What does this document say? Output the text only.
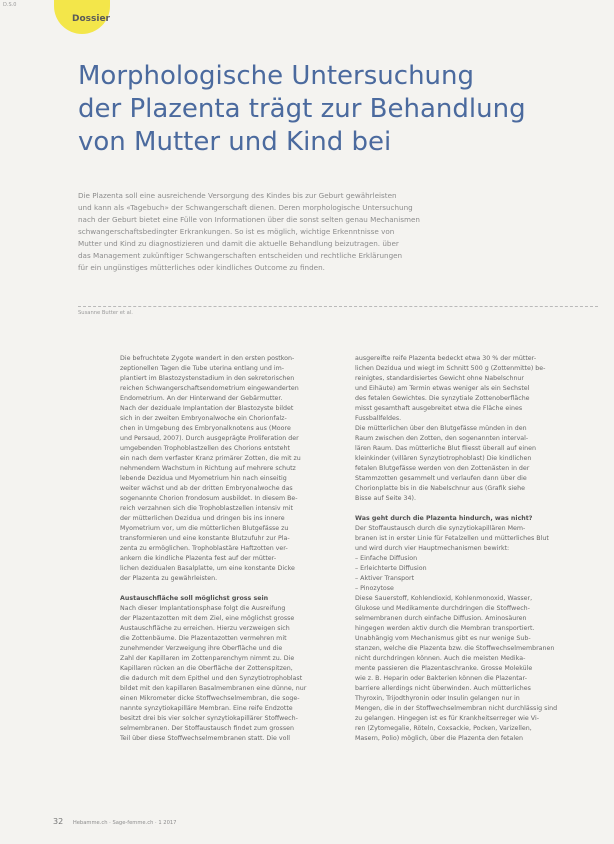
D.S.0
Dossier
Morphologische Untersuchung
der Plazenta trägt zur Behandlung
von Mutter und Kind bei
Die Plazenta soll eine ausreichende Versorgung des Kindes bis zur Geburt gewährleisten
und kann als «Tagebuch» der Schwangerschaft dienen. Deren morphologische Untersuchung
nach der Geburt bietet eine Fülle von Informationen über die sonst selten genau Mechanismen
schwangerschaftsbedingter Erkrankungen. So ist es möglich, wichtige Erkenntnisse von
Mutter und Kind zu diagnostizieren und damit die aktuelle Behandlung beizutragen. über
das Management zukünftiger Schwangerschaften entscheiden und rechtliche Erklärungen
für ein ungünstiges mütterliches oder kindliches Outcome zu finden.
Susanne Butter et al.
Die befruchtete Zygote wandert in den ersten postkon-
zeptionellen Tagen die Tube uterina entlang und im-
plantiert im Blastozystenstadium in den sekretorischen
reichen Schwangerschaftsendometrium eingewanderten
Endometrium. An der Hinterwand der Gebärmutter.
Nach der deziduale Implantation der Blastozyste bildet
sich in der zweiten Embryonalwoche ein Chorionfalz-
chen in Umgebung des Embryonalknotens aus (Moore
und Persaud, 2007). Durch ausgeprägte Proliferation der
umgebenden Trophoblastzellen des Chorions entsteht
ein nach dem verfaster Kranz primärer Zotten, die mit zu
nehmendem Wachstum in Richtung auf mehrere schutz
lebende Dezidua und Myometrium hin nach einseitig
weiter wächst und ab der dritten Embryonalwoche das
sogenannte Chorion frondosum ausbildet. In diesem Be-
reich verzahnen sich die Trophoblastzellen intensiv mit
der mütterlichen Dezidua und dringen bis ins innere
Myometrium vor, um die mütterlichen Blutgefässe zu
transformieren und eine konstante Blutzufuhr zur Pla-
zenta zu ermöglichen. Trophoblastäre Haftzotten ver-
ankern die kindliche Plazenta fest auf der mütter-
lichen dezidualen Basalplatte, um eine konstante Dicke
der Plazenta zu gewährleisten.
Austauschfläche soll möglichst gross sein
Nach dieser Implantationsphase folgt die Ausreifung
der Plazentazotten mit dem Ziel, eine möglichst grosse
Austauschfläche zu erreichen. Hierzu verzweigen sich
die Zottenbäume. Die Plazentazotten vermehren mit
zunehmender Verzweigung ihre Oberfläche und die
Zahl der Kapillaren im Zottenparenchym nimmt zu. Die
Kapillaren rücken an die Oberfläche der Zottenspitzen,
die dadurch mit dem Epithel und den Synzytiotrophoblast
bildet mit den kapillaren Basalmembranen eine dünne, nur
einen Mikrometer dicke Stoffwechselmembran, die soge-
nannte synzytiokapilläre Membran. Eine reife Endzotte
besitzt drei bis vier solcher synzytiokapillärer Stoffwech-
selmembranen. Der Stoffaustausch findet zum grossen
Teil über diese Stoffwechselmembranen statt. Die voll
ausgereifte reife Plazenta bedeckt etwa 30 % der mütter-
lichen Dezidua und wiegt im Schnitt 500 g (Zottenmitte) be-
reinigtes, standardisiertes Gewicht ohne Nabelschnur
und Eihäute) am Termin etwas weniger als ein Sechstel
des fetalen Gewichtes. Die synzytiale Zottenoberfläche
misst gesamthaft ausgebreitet etwa die Fläche eines
Fussballfeldes.
Die mütterlichen über den Blutgefässe münden in den
Raum zwischen den Zotten, den sogenannten interval-
lären Raum. Das mütterliche Blut fliesst überall auf einen
kleinkinder (villären Synzytiotrophoblast) Die kindlichen
fetalen Blutgefässe werden von den Zottenästen in der
Stammzotten gesammelt und verlaufen dann über die
Chorionplatte bis in die Nabelschnur aus (Grafik siehe
Bisse auf Seite 34).
Was geht durch die Plazenta hindurch, was nicht?
Der Stoffaustausch durch die synzytiokapillären Mem-
branen ist in erster Linie für Fetalzellen und mütterliches Blut
und wird durch vier Hauptmechanismen bewirkt:
– Einfache Diffusion
– Erleichterte Diffusion
– Aktiver Transport
– Pinozytose
Diese Sauerstoff, Kohlendioxid, Kohlenmonoxid, Wasser,
Glukose und Medikamente durchdringen die Stoffwech-
selmembranen durch einfache Diffusion. Aminosäuren
hingegen werden aktiv durch die Membran transportiert.
Unabhängig vom Mechanismus gibt es nur wenige Sub-
stanzen, welche die Plazenta bzw. die Stoffwechselmembranen
nicht durchdringen können. Auch die meisten Medika-
mente passieren die Plazentaschranke. Grosse Moleküle
wie z. B. Heparin oder Bakterien können die Plazentar-
barriere allerdings nicht überwinden. Auch mütterliches
Thyroxin, Trijodthyronin oder Insulin gelangen nur in
Mengen, die in der Stoffwechselmembran nicht durchlässig sind
zu gelangen. Hingegen ist es für Krankheitserreger wie Vi-
ren (Zytomegalie, Röteln, Coxsackie, Pocken, Varizellen,
Masern, Polio) möglich, über die Plazenta den fetalen
32 Hebamme.ch · Sage-femme.ch · 1 2017
